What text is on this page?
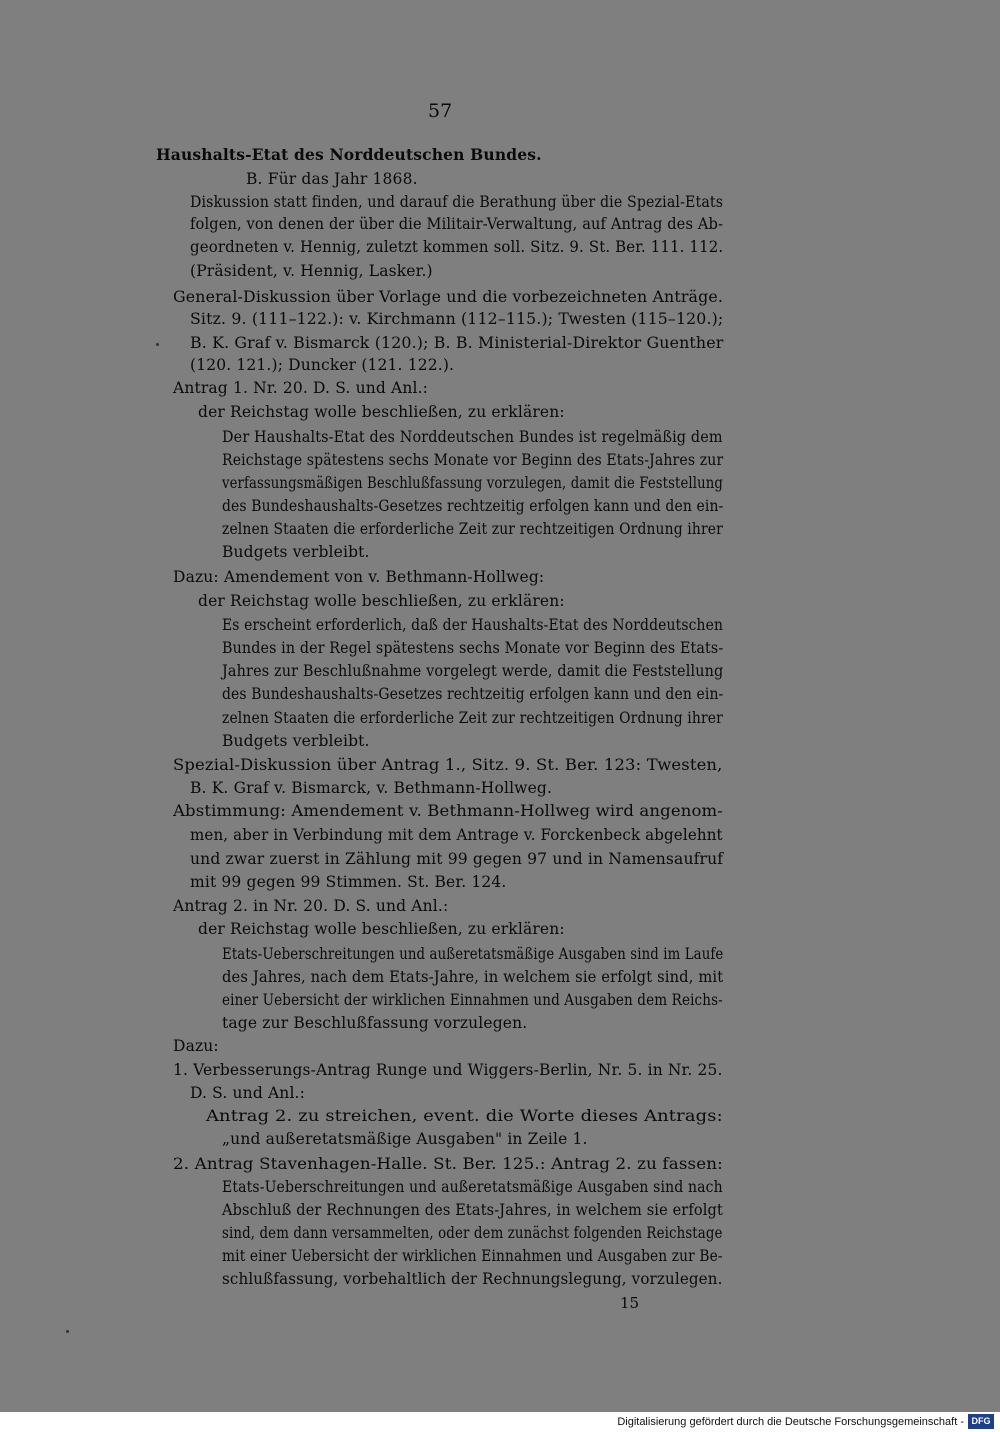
57
Haushalts-Etat des Norddeutschen Bundes.
B. Für das Jahr 1868.
Diskussion statt finden, und darauf die Berathung über die Spezial-Etats
folgen, von denen der über die Militair-Verwaltung, auf Antrag des Ab-
geordneten v. Hennig, zuletzt kommen soll. Sitz. 9. St. Ber. 111. 112.
(Präsident, v. Hennig, Lasker.)
General-Diskussion über Vorlage und die vorbezeichneten Anträge.
Sitz. 9. (111–122.): v. Kirchmann (112–115.); Twesten (115–120.);
B. K. Graf v. Bismarck (120.); B. B. Ministerial-Direktor Guenther
(120. 121.); Duncker (121. 122.).
Antrag 1. Nr. 20. D. S. und Anl.:
der Reichstag wolle beschließen, zu erklären:
Der Haushalts-Etat des Norddeutschen Bundes ist regelmäßig dem
Reichstage spätestens sechs Monate vor Beginn des Etats-Jahres zur
verfassungsmäßigen Beschlußfassung vorzulegen, damit die Feststellung
des Bundeshaushalts-Gesetzes rechtzeitig erfolgen kann und den ein-
zelnen Staaten die erforderliche Zeit zur rechtzeitigen Ordnung ihrer
Budgets verbleibt.
Dazu: Amendement von v. Bethmann-Hollweg:
der Reichstag wolle beschließen, zu erklären:
Es erscheint erforderlich, daß der Haushalts-Etat des Norddeutschen
Bundes in der Regel spätestens sechs Monate vor Beginn des Etats-
Jahres zur Beschlußnahme vorgelegt werde, damit die Feststellung
des Bundeshaushalts-Gesetzes rechtzeitig erfolgen kann und den ein-
zelnen Staaten die erforderliche Zeit zur rechtzeitigen Ordnung ihrer
Budgets verbleibt.
Spezial-Diskussion über Antrag 1., Sitz. 9. St. Ber. 123: Twesten,
B. K. Graf v. Bismarck, v. Bethmann-Hollweg.
Abstimmung: Amendement v. Bethmann-Hollweg wird angenom-
men, aber in Verbindung mit dem Antrage v. Forckenbeck abgelehnt
und zwar zuerst in Zählung mit 99 gegen 97 und in Namensaufruf
mit 99 gegen 99 Stimmen. St. Ber. 124.
Antrag 2. in Nr. 20. D. S. und Anl.:
der Reichstag wolle beschließen, zu erklären:
Etats-Ueberschreitungen und außeretatsmäßige Ausgaben sind im Laufe
des Jahres, nach dem Etats-Jahre, in welchem sie erfolgt sind, mit
einer Uebersicht der wirklichen Einnahmen und Ausgaben dem Reichs-
tage zur Beschlußfassung vorzulegen.
Dazu:
1. Verbesserungs-Antrag Runge und Wiggers-Berlin, Nr. 5. in Nr. 25.
D. S. und Anl.:
Antrag 2. zu streichen, event. die Worte dieses Antrags:
„und außeretatsmäßige Ausgaben" in Zeile 1.
2. Antrag Stavenhagen-Halle. St. Ber. 125.: Antrag 2. zu fassen:
Etats-Ueberschreitungen und außeretatsmäßige Ausgaben sind nach
Abschluß der Rechnungen des Etats-Jahres, in welchem sie erfolgt
sind, dem dann versammelten, oder dem zunächst folgenden Reichstage
mit einer Uebersicht der wirklichen Einnahmen und Ausgaben zur Be-
schlußfassung, vorbehaltlich der Rechnungslegung, vorzulegen.
15
Digitalisierung gefördert durch die Deutsche Forschungsgemeinschaft - DFG
